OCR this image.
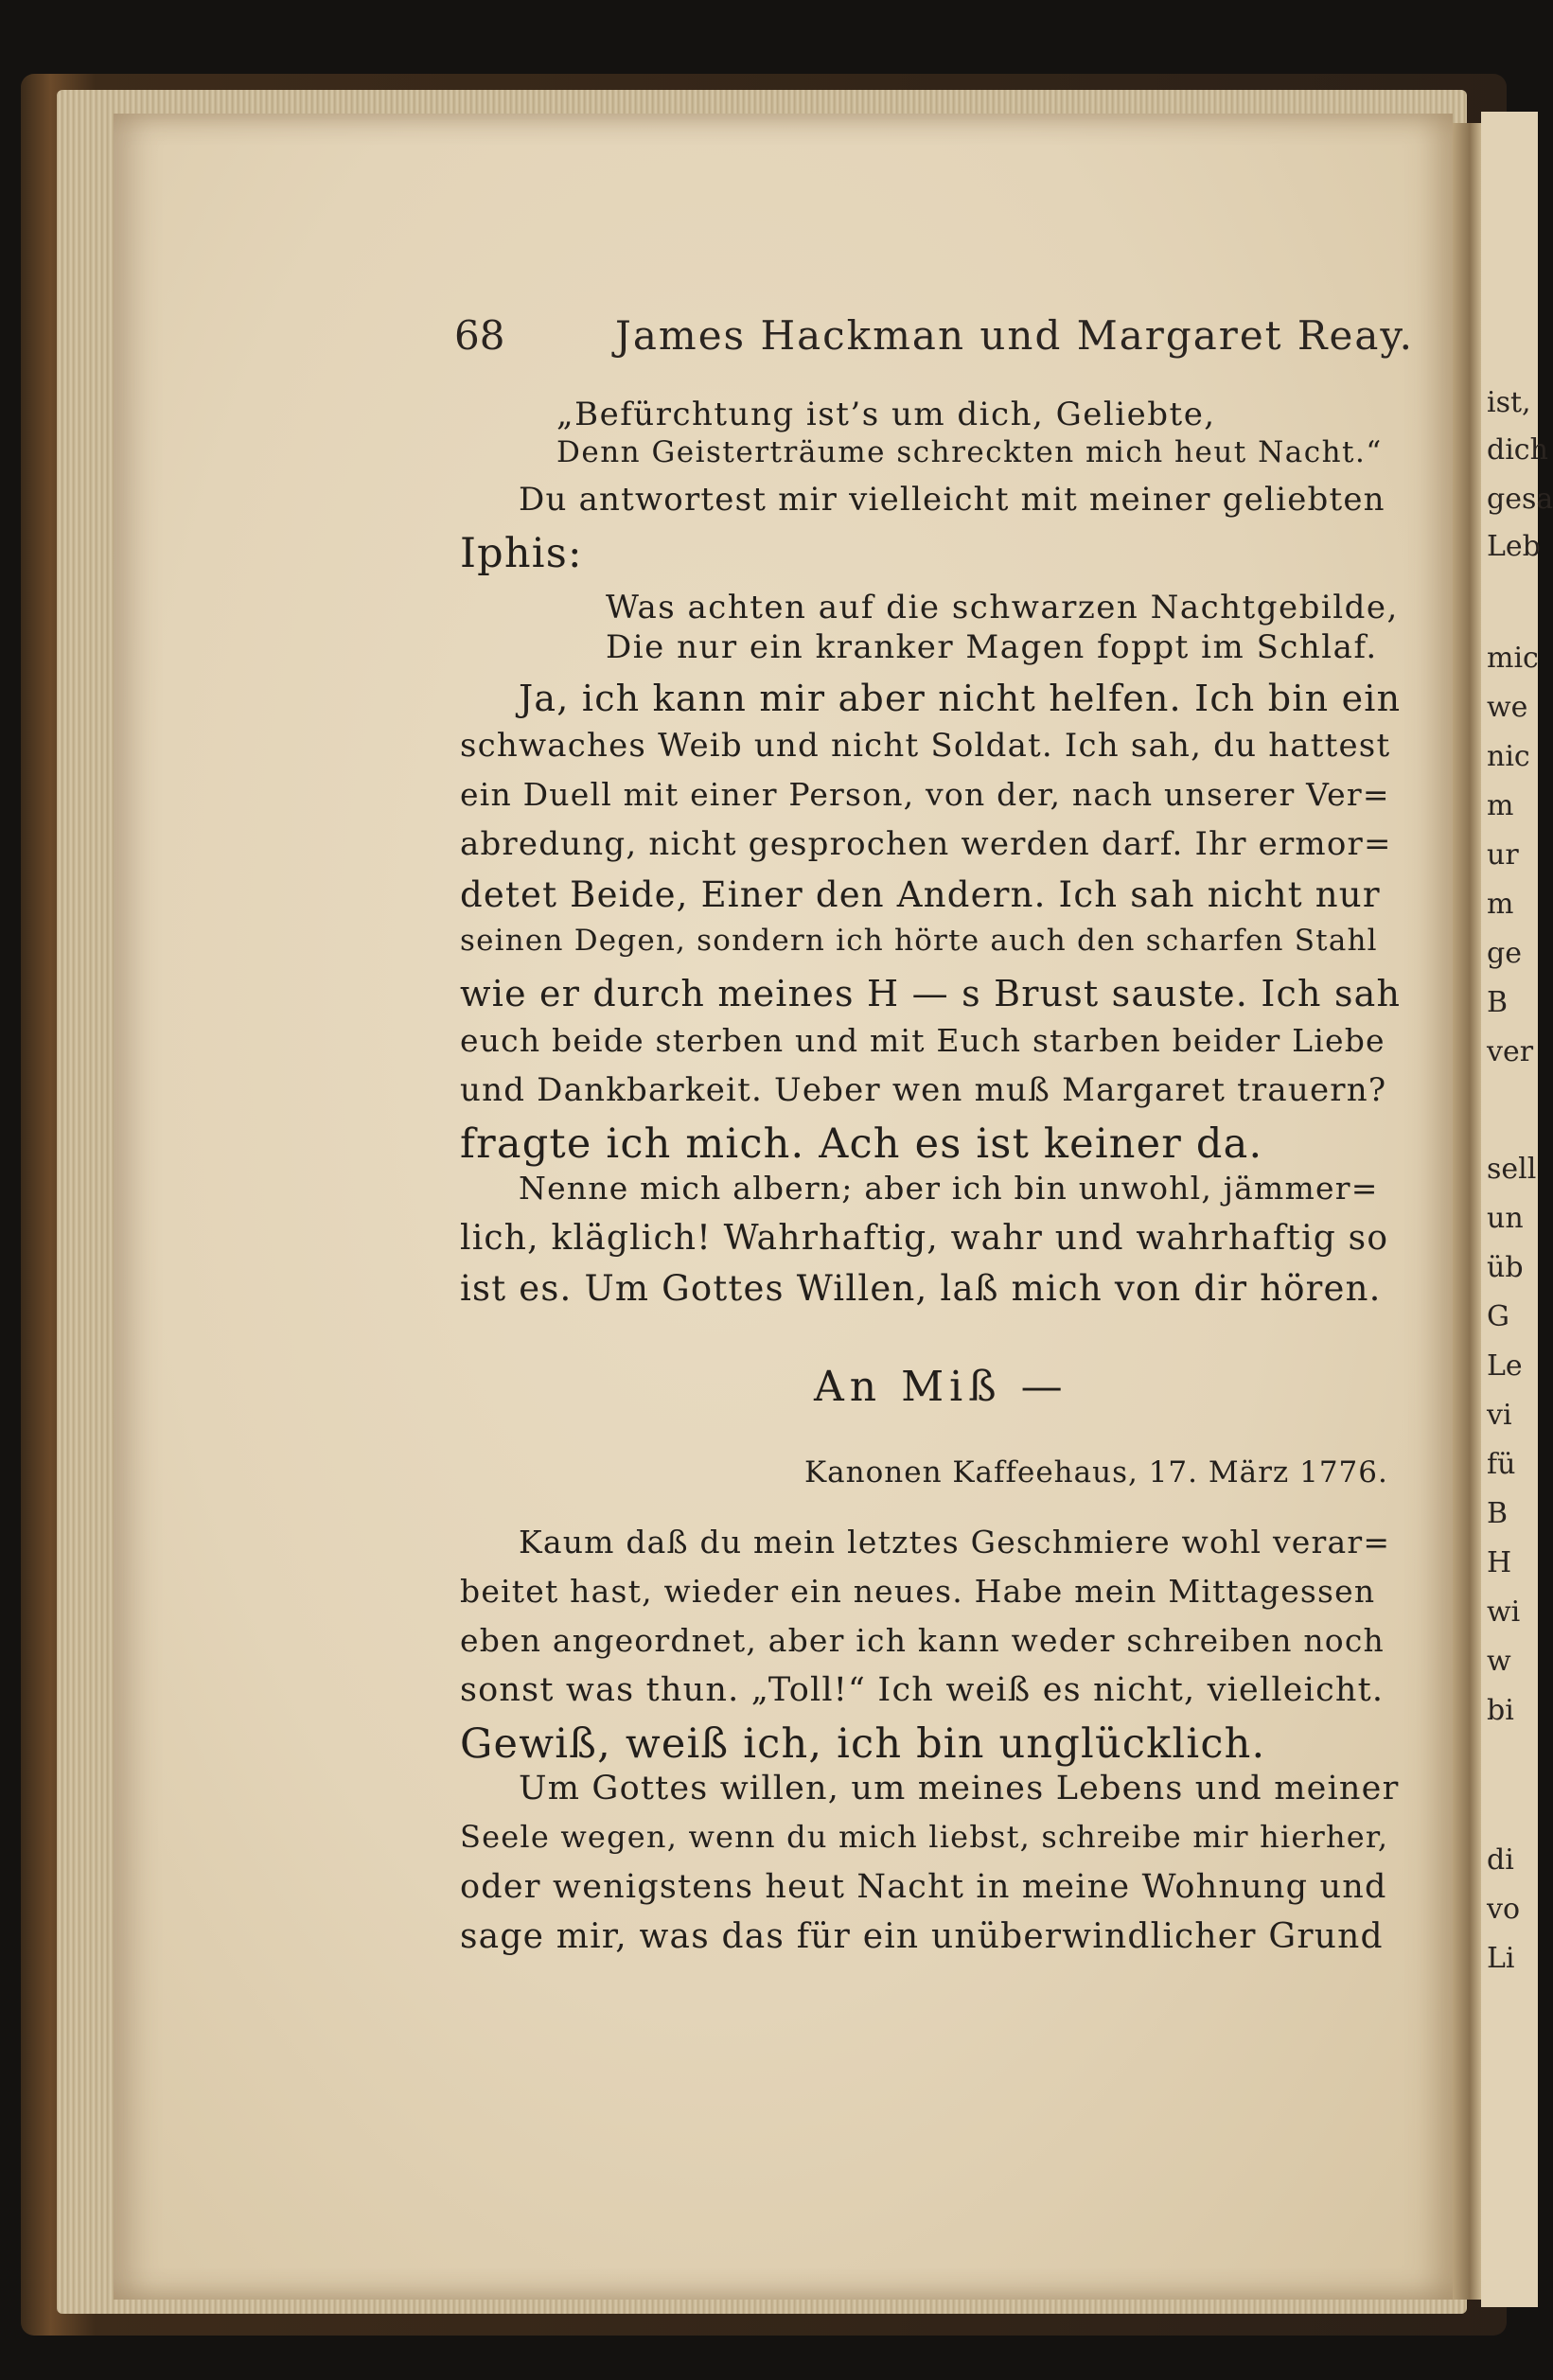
ist,
dich
gesa
Leb
mic
we
nic
m
ur
m
ge
B
ver
sell
un
üb
G
Le
vi
fü
B
H
wi
w
bi
di
vo
Li
68	James Hackman und Margaret Reay.
„Befürchtung ist’s um dich, Geliebte,
Denn Geisterträume schreckten mich heut Nacht.“
Du antwortest mir vielleicht mit meiner geliebten
Iphis:
Was achten auf die schwarzen Nachtgebilde,
Die nur ein kranker Magen foppt im Schlaf.
Ja, ich kann mir aber nicht helfen. Ich bin ein
schwaches Weib und nicht Soldat. Ich sah, du hattest
ein Duell mit einer Person, von der, nach unserer Ver=
abredung, nicht gesprochen werden darf. Ihr ermor=
detet Beide, Einer den Andern. Ich sah nicht nur
seinen Degen, sondern ich hörte auch den scharfen Stahl
wie er durch meines H — s Brust sauste. Ich sah
euch beide sterben und mit Euch starben beider Liebe
und Dankbarkeit. Ueber wen muß Margaret trauern?
fragte ich mich. Ach es ist keiner da.
Nenne mich albern; aber ich bin unwohl, jämmer=
lich, kläglich! Wahrhaftig, wahr und wahrhaftig so
ist es. Um Gottes Willen, laß mich von dir hören.
An Miß —
Kanonen Kaffeehaus, 17. März 1776.
Kaum daß du mein letztes Geschmiere wohl verar=
beitet hast, wieder ein neues. Habe mein Mittagessen
eben angeordnet, aber ich kann weder schreiben noch
sonst was thun. „Toll!“ Ich weiß es nicht, vielleicht.
Gewiß, weiß ich, ich bin unglücklich.
Um Gottes willen, um meines Lebens und meiner
Seele wegen, wenn du mich liebst, schreibe mir hierher,
oder wenigstens heut Nacht in meine Wohnung und
sage mir, was das für ein unüberwindlicher Grund
